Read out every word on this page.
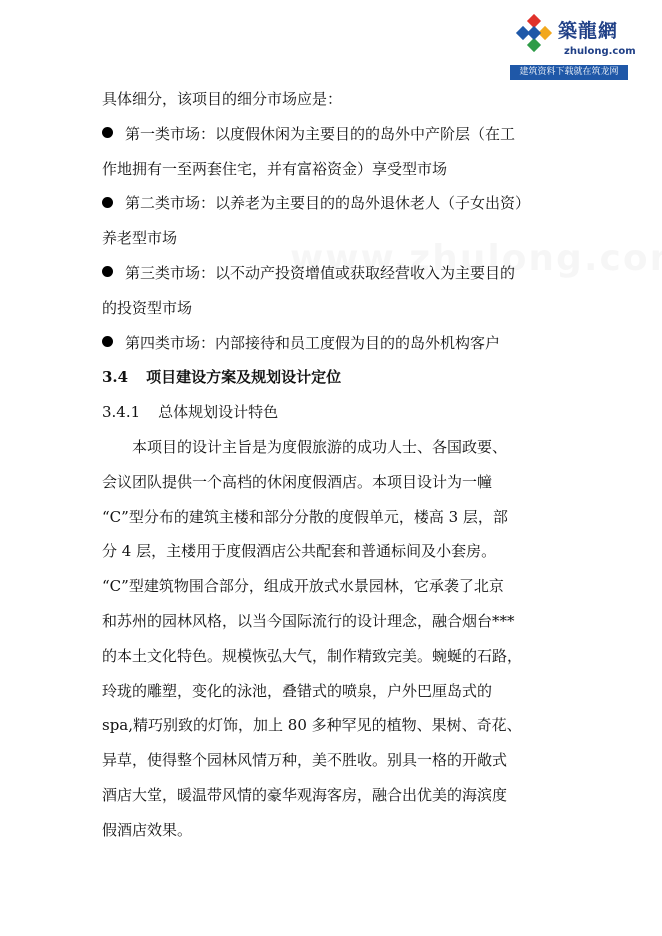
築龍網
zhulong.com
建筑资料下载就在筑龙网
具体细分，该项目的细分市场应是：
第一类市场：以度假休闲为主要目的的岛外中产阶层（在工
作地拥有一至两套住宅，并有富裕资金）享受型市场
第二类市场：以养老为主要目的的岛外退休老人（子女出资）
养老型市场
第三类市场：以不动产投资增值或获取经营收入为主要目的
的投资型市场
第四类市场：内部接待和员工度假为目的的岛外机构客户
3.4 项目建设方案及规划设计定位
3.4.1 总体规划设计特色
本项目的设计主旨是为度假旅游的成功人士、各国政要、
会议团队提供一个高档的休闲度假酒店。本项目设计为一幢
“C”型分布的建筑主楼和部分分散的度假单元，楼高 3 层，部
分 4 层，主楼用于度假酒店公共配套和普通标间及小套房。
“C”型建筑物围合部分，组成开放式水景园林，它承袭了北京
和苏州的园林风格，以当今国际流行的设计理念，融合烟台***
的本土文化特色。规模恢弘大气，制作精致完美。蜿蜒的石路，
玲珑的雕塑，变化的泳池，叠错式的喷泉，户外巴厘岛式的
spa,精巧别致的灯饰，加上 80 多种罕见的植物、果树、奇花、
异草，使得整个园林风情万种，美不胜收。别具一格的开敞式
酒店大堂，暖温带风情的豪华观海客房，融合出优美的海滨度
假酒店效果。
